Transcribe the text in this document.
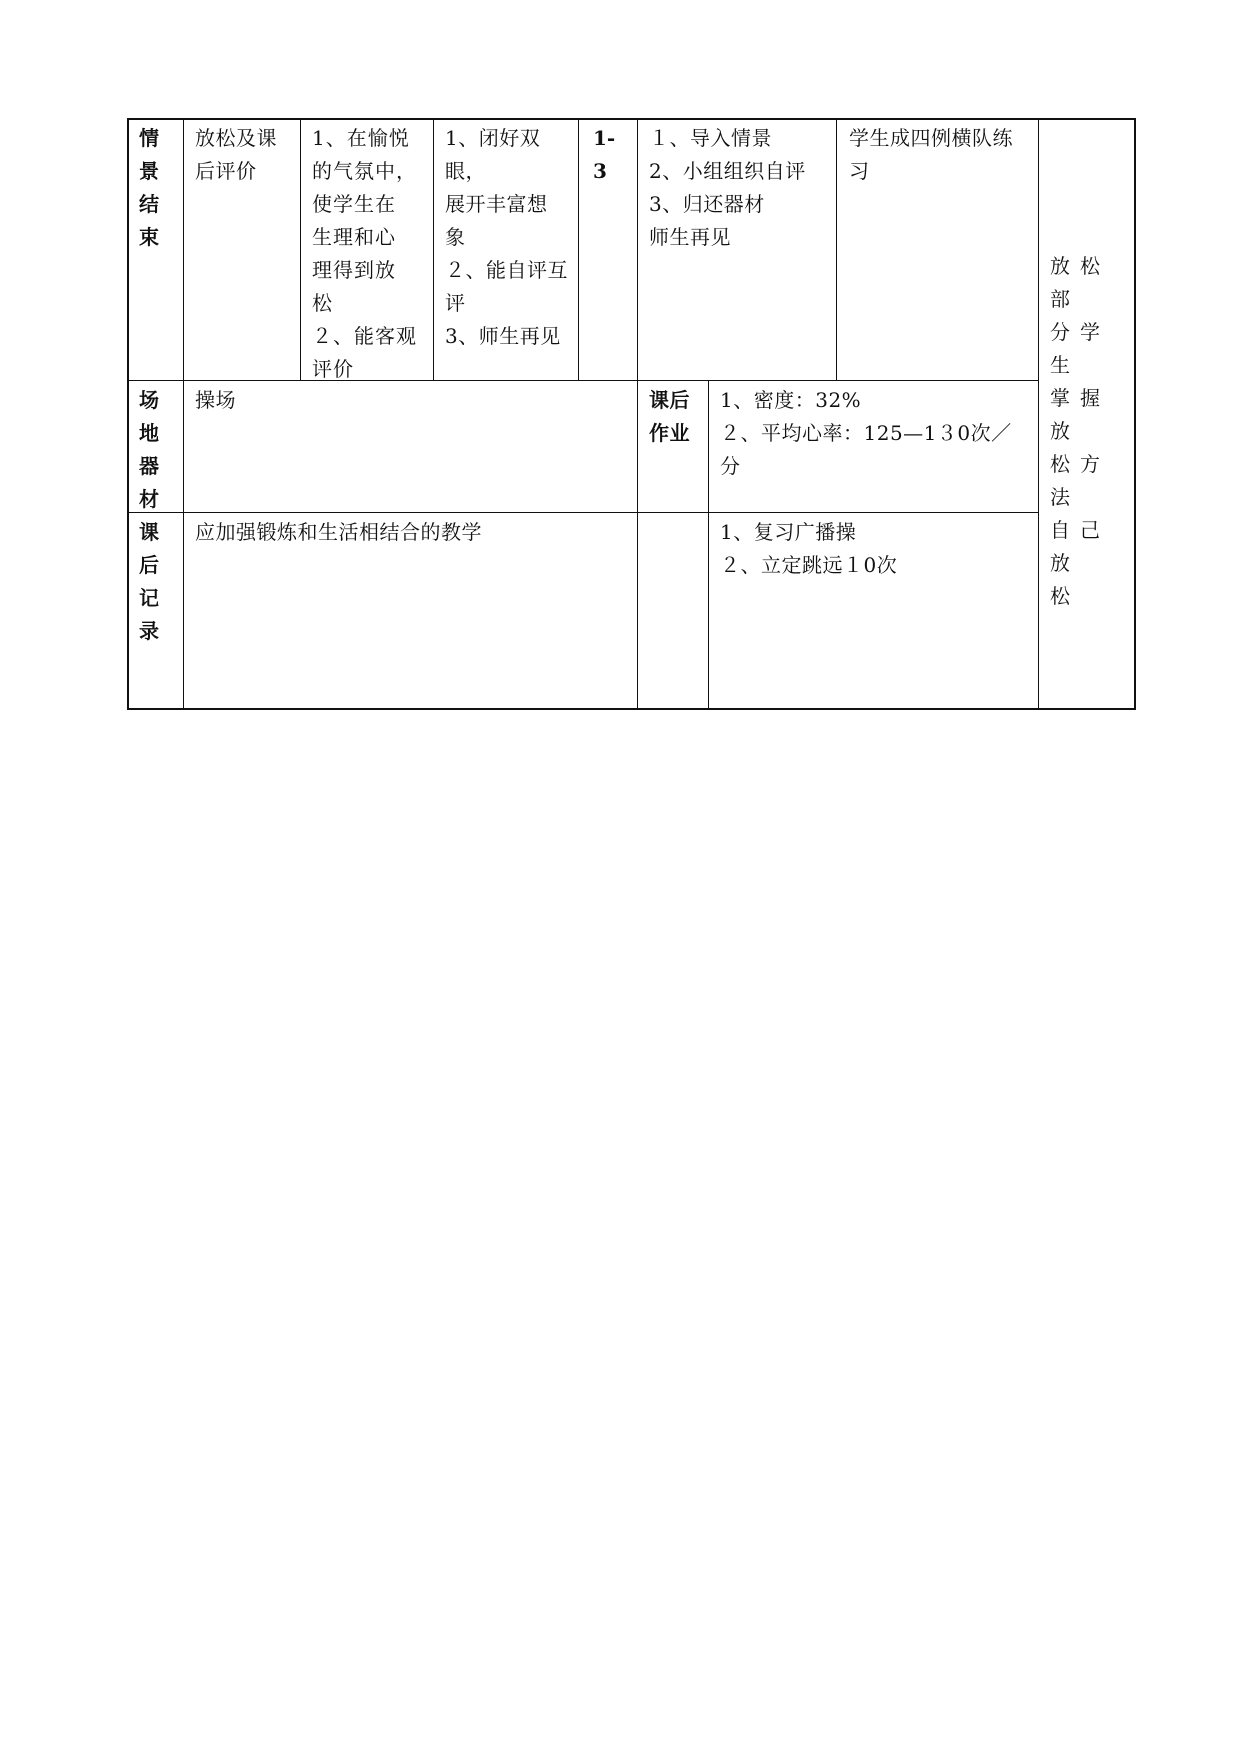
情
景
结
束
放松及课
后评价
1、在愉悦
的气氛中，
使学生在
生理和心
理得到放
松
２、能客观
评价
1、闭好双眼，
展开丰富想
象
２、能自评互
评
3、师生再见
1-3
１、导入情景
2、小组组织自评
3、归还器材
师生再见
学生成四例横队练
习
放松部
分学生
掌握放
松方法
自己放
松
场
地
器
材
操场	课后
作业
1、密度：32%
２、平均心率：125—1３0次／
分
课
后
记
录
应加强锻炼和生活相结合的教学	1、复习广播操
２、立定跳远１0次
